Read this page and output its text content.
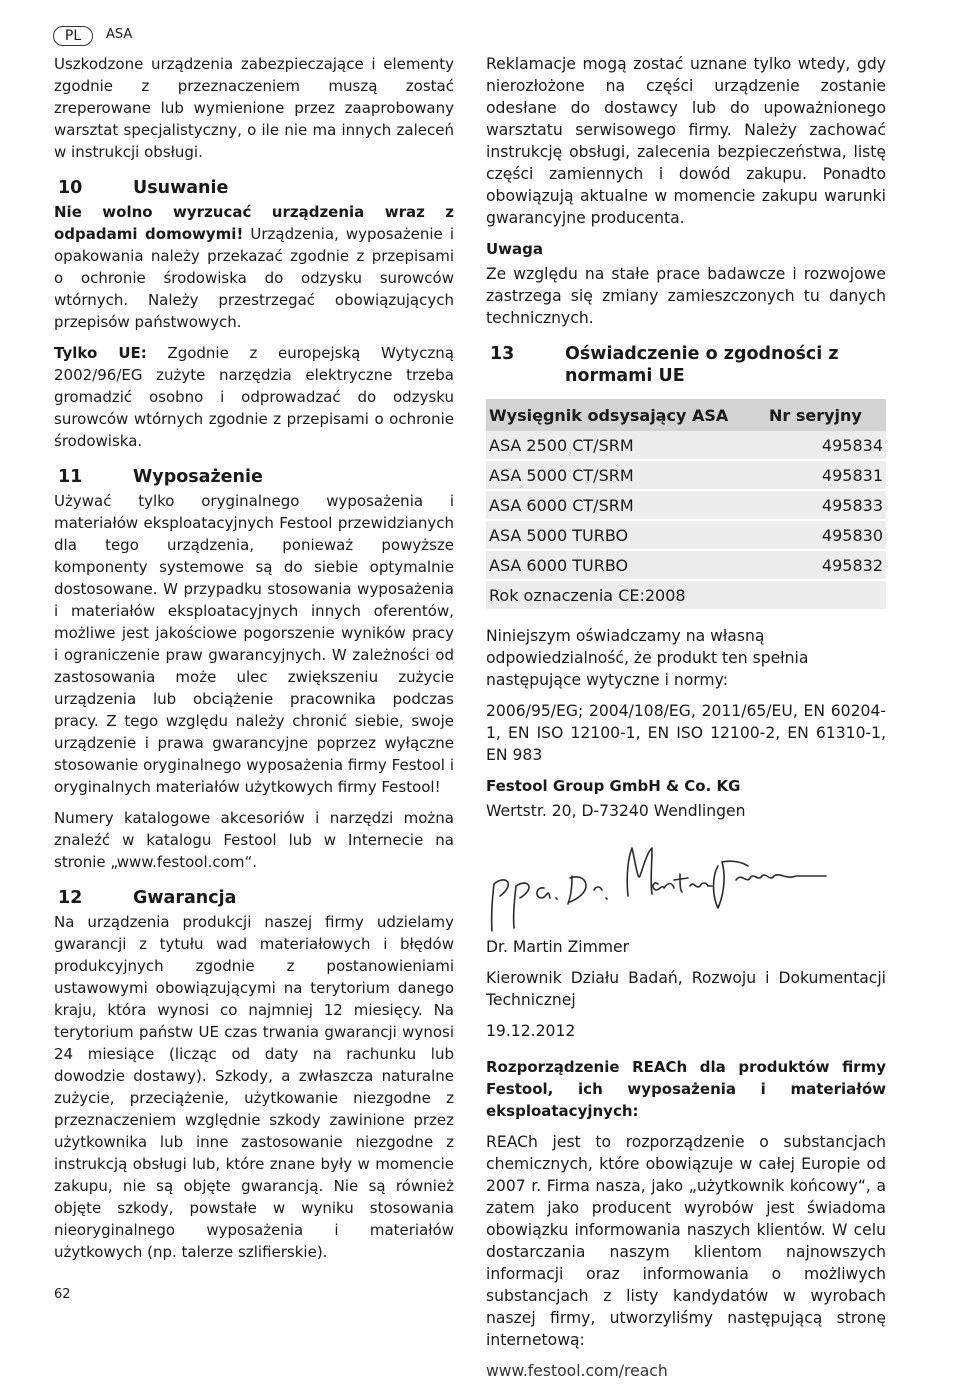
PL	ASA

Uszkodzone urządzenia zabezpieczające i elementy zgodnie z przeznaczeniem muszą zostać zreperowane lub wymienione przez zaaprobowany warsztat specjalistyczny, o ile nie ma innych zaleceń w instrukcji obsługi.

10	Usuwanie

Nie wolno wyrzucać urządzenia wraz z odpadami domowymi! Urządzenia, wyposażenie i opakowania należy przekazać zgodnie z przepisami o ochronie środowiska do odzysku surowców wtórnych. Należy przestrzegać obowiązujących przepisów państwowych.

Tylko UE: Zgodnie z europejską Wytyczną 2002/96/EG zużyte narzędzia elektryczne trzeba gromadzić osobno i odprowadzać do odzysku surowców wtórnych zgodnie z przepisami o ochronie środowiska.

11	Wyposażenie

Używać tylko oryginalnego wyposażenia i materiałów eksploatacyjnych Festool przewidzianych dla tego urządzenia, ponieważ powyższe komponenty systemowe są do siebie optymalnie dostosowane. W przypadku stosowania wyposażenia i materiałów eksploatacyjnych innych oferentów, możliwe jest jakościowe pogorszenie wyników pracy i ograniczenie praw gwarancyjnych. W zależności od zastosowania może ulec zwiększeniu zużycie urządzenia lub obciążenie pracownika podczas pracy. Z tego względu należy chronić siebie, swoje urządzenie i prawa gwarancyjne poprzez wyłączne stosowanie oryginalnego wyposażenia firmy Festool i oryginalnych materiałów użytkowych firmy Festool!

Numery katalogowe akcesoriów i narzędzi można znaleźć w katalogu Festool lub w Internecie na stronie „www.festool.com“.

12	Gwarancja

Na urządzenia produkcji naszej firmy udzielamy gwarancji z tytułu wad materiałowych i błędów produkcyjnych zgodnie z postanowieniami ustawowymi obowiązującymi na terytorium danego kraju, która wynosi co najmniej 12 miesięcy. Na terytorium państw UE czas trwania gwarancji wynosi 24 miesiące (licząc od daty na rachunku lub dowodzie dostawy). Szkody, a zwłaszcza naturalne zużycie, przeciążenie, użytkowanie niezgodne z przeznaczeniem względnie szkody zawinione przez użytkownika lub inne zastosowanie niezgodne z instrukcją obsługi lub, które znane były w momencie zakupu, nie są objęte gwarancją. Nie są również objęte szkody, powstałe w wyniku stosowania nieoryginalnego wyposażenia i materiałów użytkowych (np. talerze szlifierskie).

Reklamacje mogą zostać uznane tylko wtedy, gdy nierozłożone na części urządzenie zostanie odesłane do dostawcy lub do upoważnionego warsztatu serwisowego firmy. Należy zachować instrukcję obsługi, zalecenia bezpieczeństwa, listę części zamiennych i dowód zakupu. Ponadto obowiązują aktualne w momencie zakupu warunki gwarancyjne producenta.

Uwaga

Ze względu na stałe prace badawcze i rozwojowe zastrzega się zmiany zamieszczonych tu danych technicznych.

13	Oświadczenie o zgodności z normami UE
Wysięgnik odsysający ASA	Nr seryjny
ASA 2500 CT/SRM	495834
ASA 5000 CT/SRM	495831
ASA 6000 CT/SRM	495833
ASA 5000 TURBO	495830
ASA 6000 TURBO	495832
Rok oznaczenia CE:2008	

Niniejszym oświadczamy na własną odpowiedzialność, że produkt ten spełnia następujące wytyczne i normy:

2006/95/EG; 2004/108/EG, 2011/65/EU, EN 60204-1, EN ISO 12100-1, EN ISO 12100-2, EN 61310-1, EN 983

Festool Group GmbH & Co. KG

Wertstr. 20, D-73240 Wendlingen

Dr. Martin Zimmer

Kierownik Działu Badań, Rozwoju i Dokumentacji Technicznej

19.12.2012

Rozporządzenie REACh dla produktów firmy Festool, ich wyposażenia i materiałów eksploatacyjnych:

REACh jest to rozporządzenie o substancjach chemicznych, które obowiązuje w całej Europie od 2007 r. Firma nasza, jako „użytkownik końcowy“, a zatem jako producent wyrobów jest świadoma obowiązku informowania naszych klientów. W celu dostarczania naszym klientom najnowszych informacji oraz informowania o możliwych substancjach z listy kandydatów w wyrobach naszej firmy, utworzyliśmy następującą stronę internetową:

www.festool.com/reach

62
